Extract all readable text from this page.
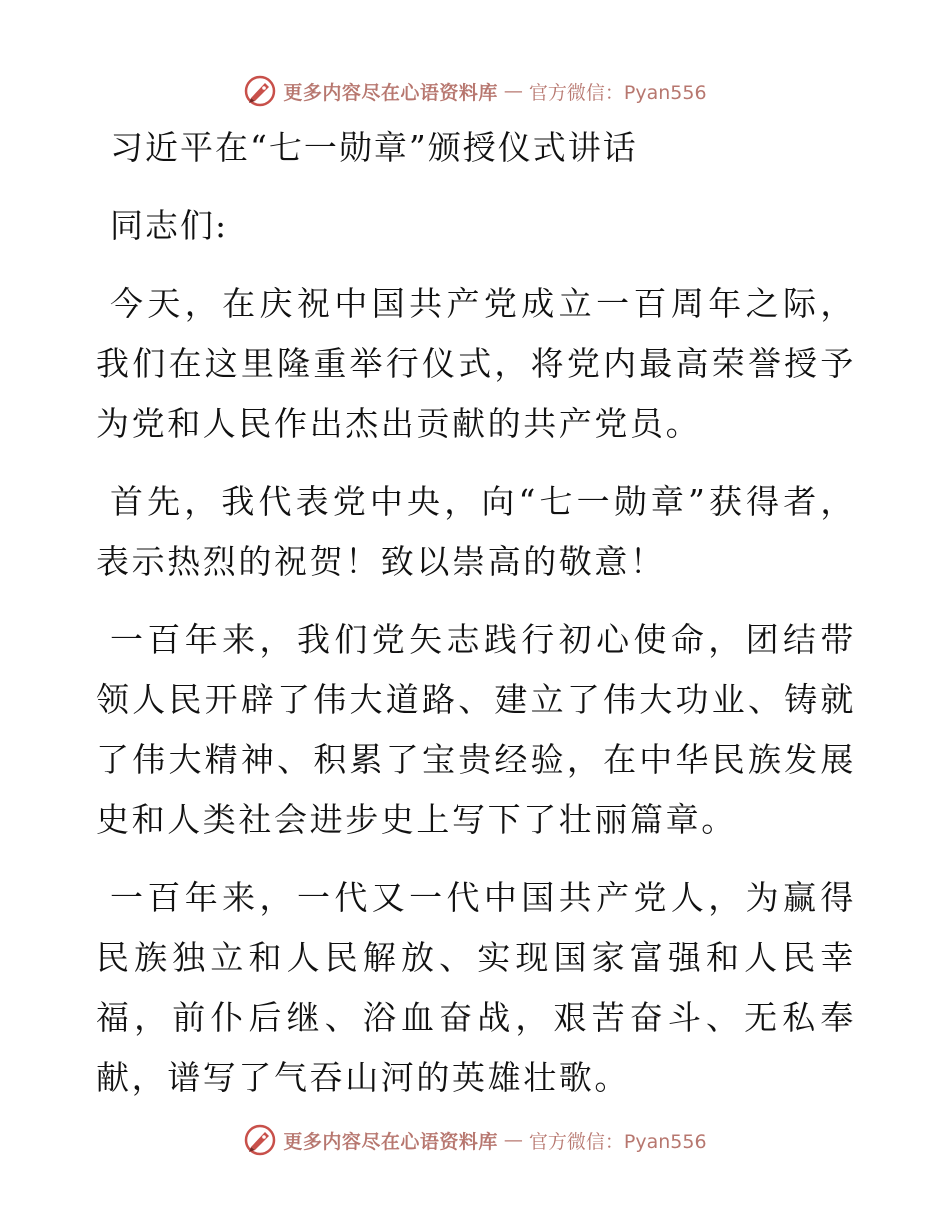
更多内容尽在心语资料库 — 官方微信：Pyan556
习近平在“七一勋章”颁授仪式讲话
同志们:

今天，在庆祝中国共产党成立一百周年之际，我们在这里隆重举行仪式，将党内最高荣誉授予为党和人民作出杰出贡献的共产党员。

首先，我代表党中央，向“七一勋章”获得者，表示热烈的祝贺！致以崇高的敬意！

一百年来，我们党矢志践行初心使命，团结带领人民开辟了伟大道路、建立了伟大功业、铸就了伟大精神、积累了宝贵经验，在中华民族发展史和人类社会进步史上写下了壮丽篇章。

一百年来，一代又一代中国共产党人，为赢得民族独立和人民解放、实现国家富强和人民幸福，前仆后继、浴血奋战，艰苦奋斗、无私奉献，谱写了气吞山河的英雄壮歌。

更多内容尽在心语资料库 — 官方微信：Pyan556
